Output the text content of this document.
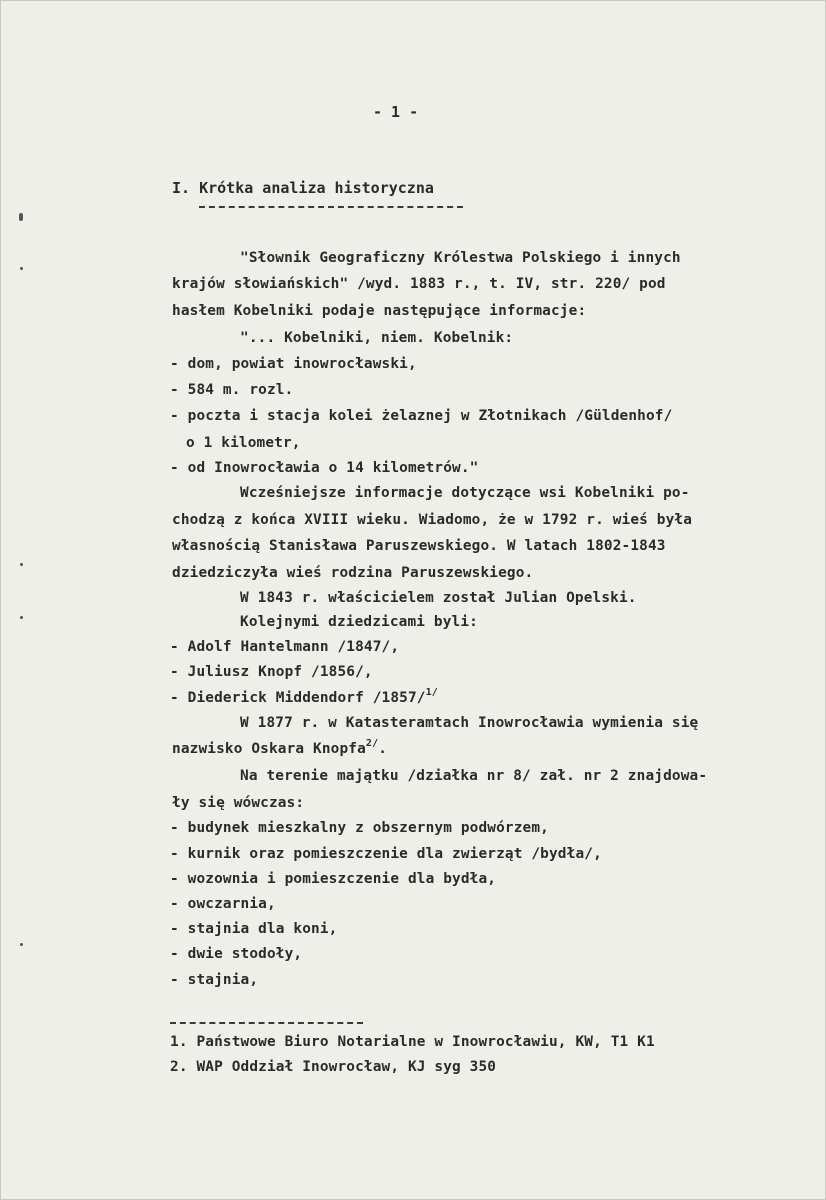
- 1 -
I. Krótka analiza historyczna
"Słownik Geograficzny Królestwa Polskiego i innych
krajów słowiańskich" /wyd. 1883 r., t. IV, str. 220/ pod
hasłem Kobelniki podaje następujące informacje:
"... Kobelniki, niem. Kobelnik:
- dom, powiat inowrocławski,
- 584 m. rozl.
- poczta i stacja kolei żelaznej w Złotnikach /Güldenhof/
o 1 kilometr,
- od Inowrocławia o 14 kilometrów."
Wcześniejsze informacje dotyczące wsi Kobelniki po-
chodzą z końca XVIII wieku. Wiadomo, że w 1792 r. wieś była
własnością Stanisława Paruszewskiego. W latach 1802-1843
dziedziczyła wieś rodzina Paruszewskiego.
W 1843 r. właścicielem został Julian Opelski.
Kolejnymi dziedzicami byli:
- Adolf Hantelmann /1847/,
- Juliusz Knopf /1856/,
- Diederick Middendorf /1857/$^{1/}$
W 1877 r. w Katasteramtach Inowrocławia wymienia się
nazwisko Oskara Knopfa$^{2/}$.
Na terenie majątku /działka nr 8/ zał. nr 2 znajdowa-
ły się wówczas:
- budynek mieszkalny z obszernym podwórzem,
- kurnik oraz pomieszczenie dla zwierząt /bydła/,
- wozownia i pomieszczenie dla bydła,
- owczarnia,
- stajnia dla koni,
- dwie stodoły,
- stajnia,
1. Państwowe Biuro Notarialne w Inowrocławiu, KW, T1 K1
2. WAP Oddział Inowrocław, KJ syg 350
